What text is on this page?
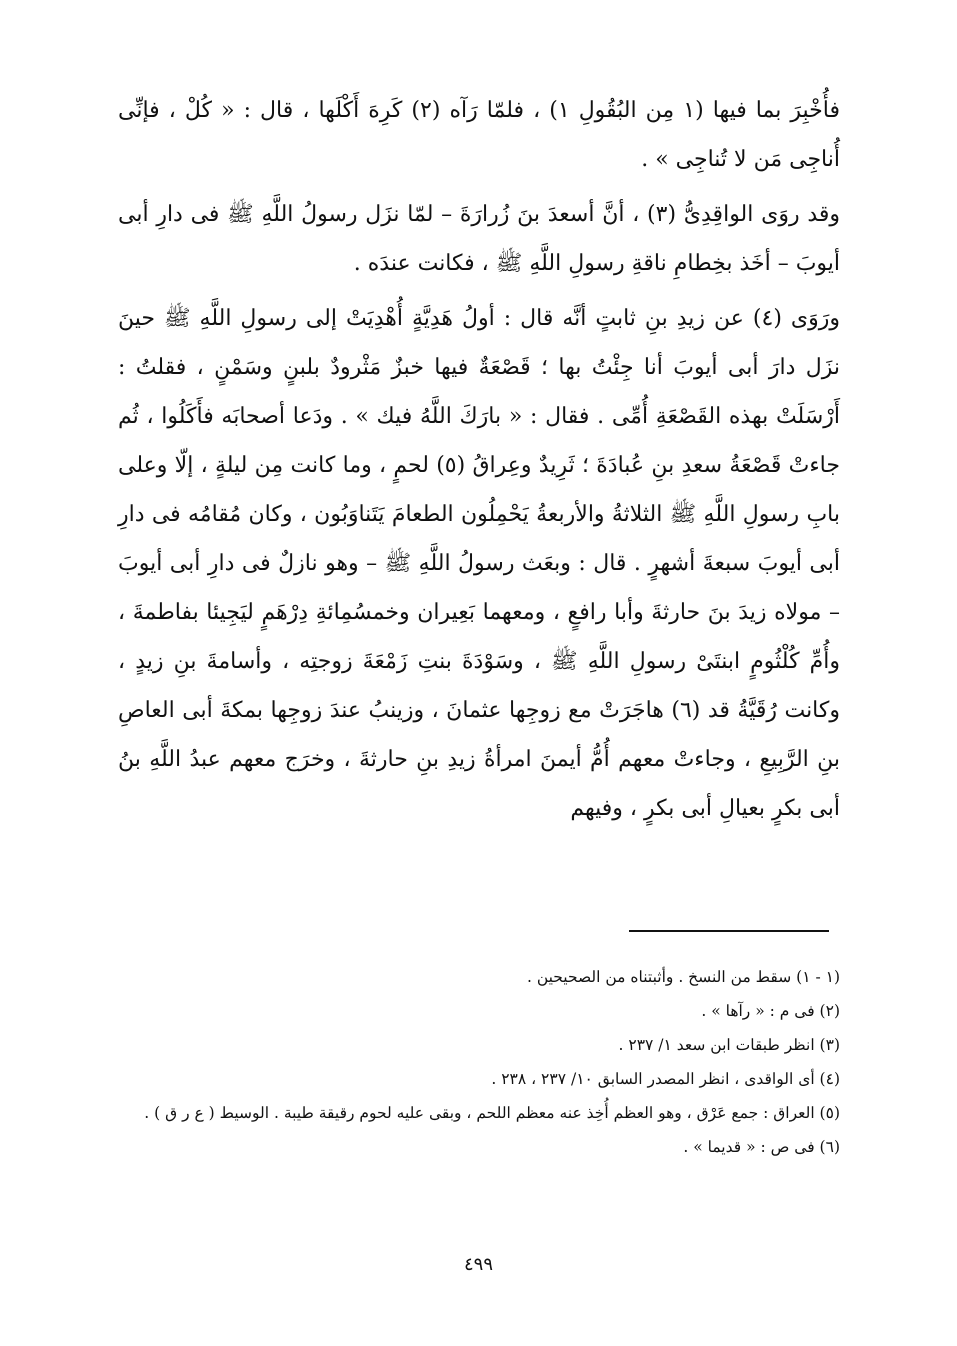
فأُخْبِرَ بما فيها (١ مِن البُقُولِ ١) ، فلمّا رَآه (٢) كَرِهَ أَكْلَها ، قال : « كُلْ ، فإنِّى أُناجِى مَن لا تُناجِى » .

وقد روَى الواقِدِىُّ (٣) ، أنَّ أسعدَ بنَ زُرارَةَ – لمّا نزَل رسولُ اللَّهِ ﷺ فى دارِ أبى أيوبَ – أخَذ بخِطامِ ناقةِ رسولِ اللَّهِ ﷺ ، فكانت عندَه .

ورَوَى (٤) عن زيدِ بنِ ثابتٍ أنَّه قال : أولُ هَدِيَّةٍ أُهْدِيَتْ إلى رسولِ اللَّهِ ﷺ حينَ نزَل دارَ أبى أيوبَ أنا جِئْتُ بها ؛ قَصْعَةٌ فيها خبزٌ مَثْرودٌ بلبنٍ وسَمْنٍ ، فقلتُ : أَرْسَلَتْ بهذه القَصْعَةِ أُمِّى . فقال : « بارَكَ اللَّهُ فيك » . ودَعا أصحابَه فأَكَلُوا ، ثُم جاءتْ قَصْعَةُ سعدِ بنِ عُبادَةَ ؛ ثَرِيدٌ وعِراقُ (٥) لحمٍ ، وما كانت مِن ليلةٍ ، إلّا وعلى بابِ رسولِ اللَّهِ ﷺ الثلاثةُ والأربعةُ يَحْمِلُون الطعامَ يَتَناوَبُون ، وكان مُقامُه فى دارِ أبى أيوبَ سبعةَ أشهرٍ . قال : وبعَث رسولُ اللَّهِ ﷺ – وهو نازلٌ فى دارِ أبى أيوبَ – مولاه زيدَ بنَ حارثةَ وأبا رافعٍ ، ومعهما بَعِيران وخمسُمِائةِ دِرْهَمٍ ليَجِيئا بفاطمةَ ، وأُمِّ كُلْثُومٍ ابنتَىْ رسولِ اللَّهِ ﷺ ، وسَوْدَةَ بنتِ زَمْعَةَ زوجتِه ، وأسامةَ بنِ زيدٍ ، وكانت رُقَيَّةُ قد (٦) هاجَرَتْ مع زوجِها عثمانَ ، وزينبُ عندَ زوجِها بمكةَ أبى العاصِ بنِ الرَّبِيعِ ، وجاءتْ معهم أُمُّ أيمنَ امرأةُ زيدِ بنِ حارثةَ ، وخرَج معهم عبدُ اللَّهِ بنُ أبى بكرٍ بعيالِ أبى بكرٍ ، وفيهم

(١ - ١) سقط من النسخ . وأثبتناه من الصحيحين .

(٢) فى م : « رآها » .

(٣) انظر طبقات ابن سعد ١/ ٢٣٧ .

(٤) أى الواقدى ، انظر المصدر السابق ١٠/ ٢٣٧ ، ٢٣٨ .

(٥) العراق : جمع عَرْق ، وهو العظم أُخِذ عنه معظم اللحم ، وبقى عليه لحوم رقيقة طيبة . الوسيط ( ع ر ق ) .

(٦) فى ص : « قديما » .

٤٩٩
